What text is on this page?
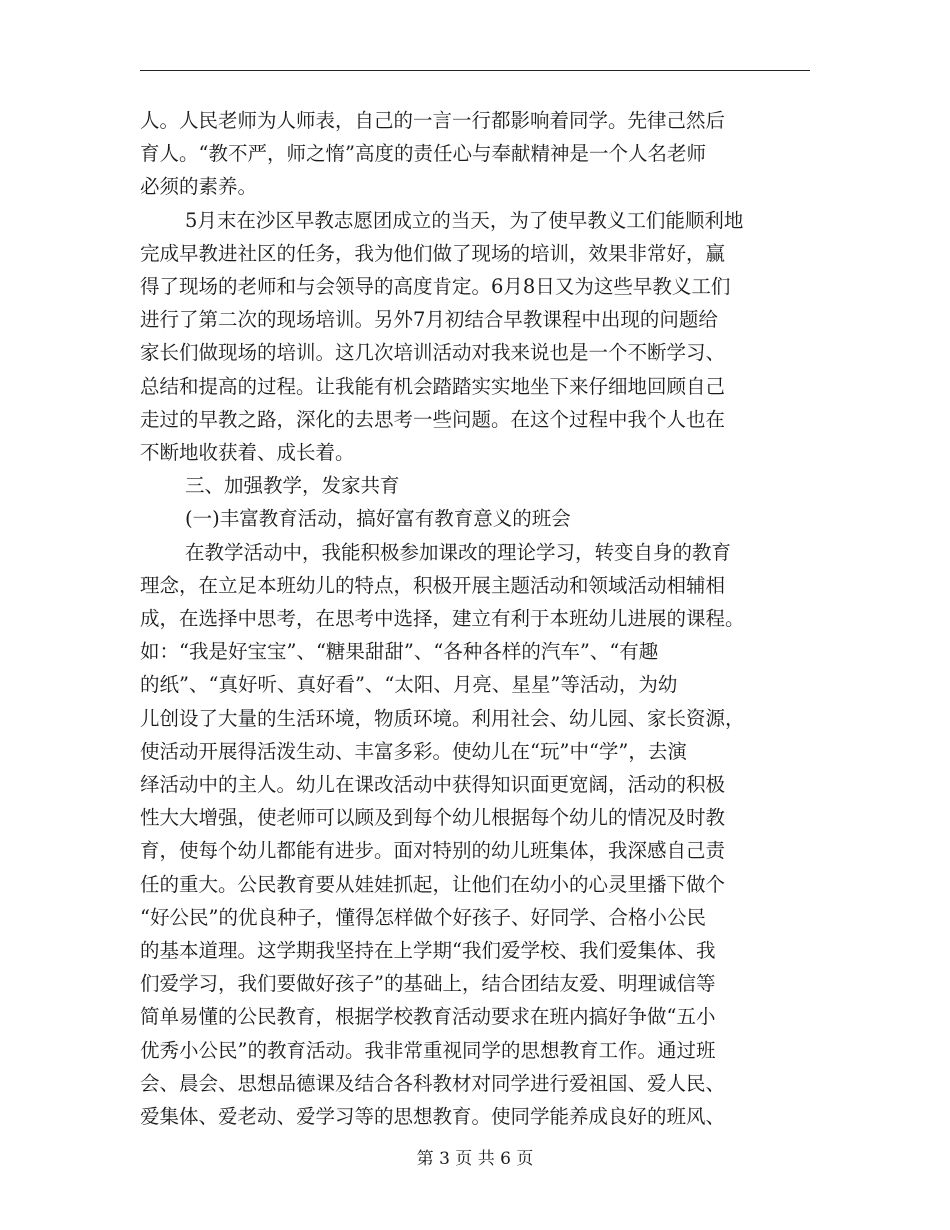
人。人民老师为人师表，自己的一言一行都影响着同学。先律己然后

育人。“教不严，师之惰”高度的责任心与奉献精神是一个人名老师

必须的素养。

5月末在沙区早教志愿团成立的当天，为了使早教义工们能顺利地

完成早教进社区的任务，我为他们做了现场的培训，效果非常好，赢

得了现场的老师和与会领导的高度肯定。6月8日又为这些早教义工们

进行了第二次的现场培训。另外7月初结合早教课程中出现的问题给

家长们做现场的培训。这几次培训活动对我来说也是一个不断学习、

总结和提高的过程。让我能有机会踏踏实实地坐下来仔细地回顾自己

走过的早教之路，深化的去思考一些问题。在这个过程中我个人也在

不断地收获着、成长着。

三、加强教学，发家共育

(一)丰富教育活动，搞好富有教育意义的班会

在教学活动中，我能积极参加课改的理论学习，转变自身的教育

理念，在立足本班幼儿的特点，积极开展主题活动和领域活动相辅相

成，在选择中思考，在思考中选择，建立有利于本班幼儿进展的课程。

如：“我是好宝宝”、“糖果甜甜”、“各种各样的汽车”、“有趣

的纸”、“真好听、真好看”、“太阳、月亮、星星”等活动，为幼

儿创设了大量的生活环境，物质环境。利用社会、幼儿园、家长资源，

使活动开展得活泼生动、丰富多彩。使幼儿在“玩”中“学”，去演

绎活动中的主人。幼儿在课改活动中获得知识面更宽阔，活动的积极

性大大增强，使老师可以顾及到每个幼儿根据每个幼儿的情况及时教

育，使每个幼儿都能有进步。面对特别的幼儿班集体，我深感自己责

任的重大。公民教育要从娃娃抓起，让他们在幼小的心灵里播下做个

“好公民”的优良种子，懂得怎样做个好孩子、好同学、合格小公民

的基本道理。这学期我坚持在上学期“我们爱学校、我们爱集体、我

们爱学习，我们要做好孩子”的基础上，结合团结友爱、明理诚信等

简单易懂的公民教育，根据学校教育活动要求在班内搞好争做“五小

优秀小公民”的教育活动。我非常重视同学的思想教育工作。通过班

会、晨会、思想品德课及结合各科教材对同学进行爱祖国、爱人民、

爱集体、爱老动、爱学习等的思想教育。使同学能养成良好的班风、

第 3 页 共 6 页
